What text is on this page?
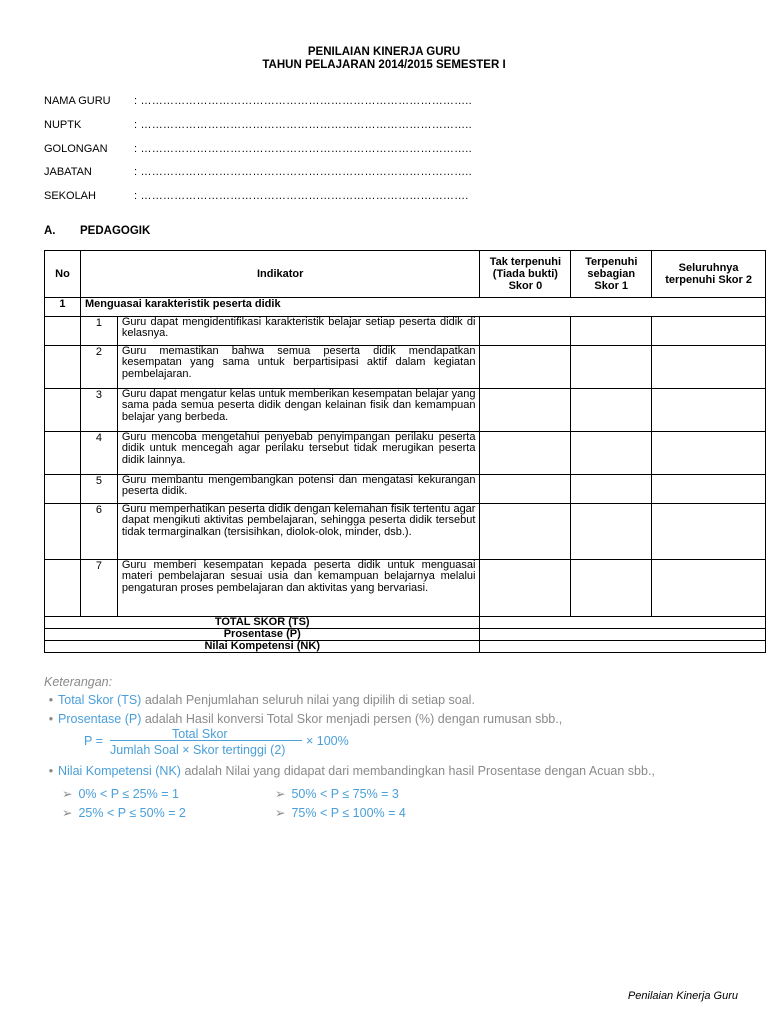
PENILAIAN KINERJA GURU
TAHUN PELAJARAN 2014/2015 SEMESTER I
NAMA GURU : ……………………………………………………………………………..
NUPTK	: ……………………………………………………………………………..
GOLONGAN : ……………………………………………………………………………..
JABATAN	: ……………………………………………………………………………..
SEKOLAH	: …………………………………………………………………………….
A. PEDAGOGIK
No	Indikator		Tak terpenuhi (Tiada bukti) Skor 0	Terpenuhi sebagian Skor 1	Seluruhnya terpenuhi Skor 2
1	Menguasai karakteristik peserta didik				
	1	Guru dapat mengidentifikasi karakteristik belajar setiap peserta didik di kelasnya.			
	2	Guru memastikan bahwa semua peserta didik mendapatkan kesempatan yang sama untuk berpartisipasi aktif dalam kegiatan pembelajaran.			
	3	Guru dapat mengatur kelas untuk memberikan kesempatan belajar yang sama pada semua peserta didik dengan kelainan fisik dan kemampuan belajar yang berbeda.			
	4	Guru mencoba mengetahui penyebab penyimpangan perilaku peserta didik untuk mencegah agar perilaku tersebut tidak merugikan peserta didik lainnya.			
	5	Guru membantu mengembangkan potensi dan mengatasi kekurangan peserta didik.			
	6	Guru memperhatikan peserta didik dengan kelemahan fisik tertentu agar dapat mengikuti aktivitas pembelajaran, sehingga peserta didik tersebut tidak termarginalkan (tersisihkan, diolok-olok, minder, dsb.).			
	7	Guru memberi kesempatan kepada peserta didik untuk menguasai materi pembelajaran sesuai usia dan kemampuan belajarnya melalui pengaturan proses pembelajaran dan aktivitas yang bervariasi.			
TOTAL SKOR (TS)					
Prosentase (P)					
Nilai Kompetensi (NK)					
Keterangan:
• Total Skor (TS) adalah Penjumlahan seluruh nilai yang dipilih di setiap soal.
• Prosentase (P) adalah Hasil konversi Total Skor menjadi persen (%) dengan rumusan sbb.,
P =	Total Skor
Jumlah Soal × Skor tertinggi (2)
× 100%
• Nilai Kompetensi (NK) adalah Nilai yang didapat dari membandingkan hasil Prosentase dengan Acuan sbb.,
➢ 0% < P ≤ 25% = 1
➢ 25% < P ≤ 50% = 2
➢ 50% < P ≤ 75% = 3
➢ 75% < P ≤ 100% = 4
Penilaian Kinerja Guru
